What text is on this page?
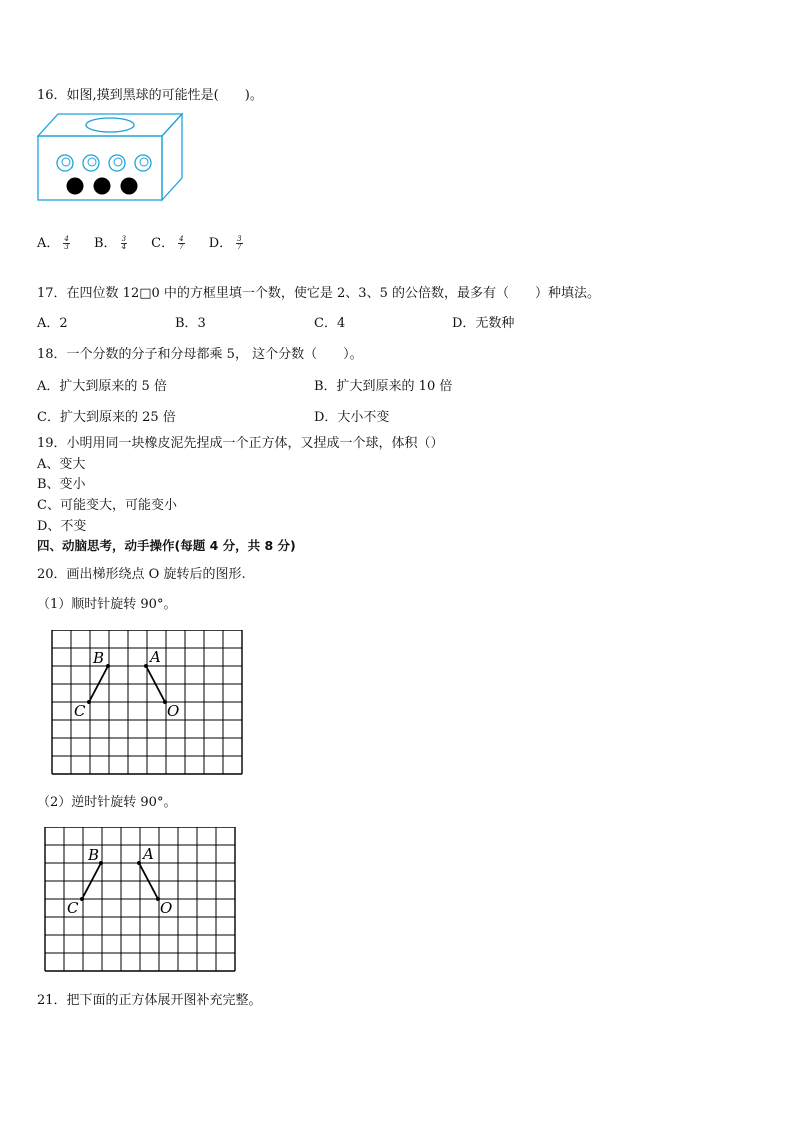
16．如图,摸到黑球的可能性是(　　)。
A． $\frac{4}{3}$ B． $\frac{3}{4}$ C． $\frac{4}{7}$ D． $\frac{3}{7}$
17．在四位数 12□0 中的方框里填一个数，使它是 2、3、5 的公倍数，最多有（　　）种填法。
A．2	B．3	C．4	D．无数种
18．一个分数的分子和分母都乘 5， 这个分数（　　）。
A．扩大到原来的 5 倍	B．扩大到原来的 10 倍
C．扩大到原来的 25 倍	D．大小不变
19．小明用同一块橡皮泥先捏成一个正方体，又捏成一个球，体积（）
A、变大
B、变小
C、可能变大，可能变小
D、不变
四、动脑思考，动手操作(每题 4 分，共 8 分)
20．画出梯形绕点 O 旋转后的图形.
（1）顺时针旋转 90°。
B	A
C	O
（2）逆时针旋转 90°。
B	A
C	O
21．把下面的正方体展开图补充完整。
